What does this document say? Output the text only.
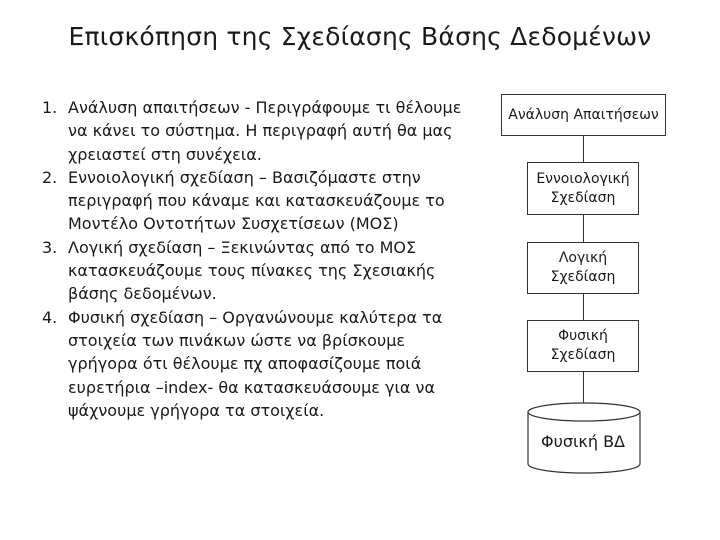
Επισκόπηση της Σχεδίασης Βάσης Δεδομένων
1. Ανάλυση απαιτήσεων - Περιγράφουμε τι θέλουμε να κάνει το σύστημα. Η περιγραφή αυτή θα μας χρειαστεί στη συνέχεια.
2. Εννοιολογική σχεδίαση – Βασιζόμαστε στην περιγραφή που κάναμε και κατασκευάζουμε το Μοντέλο Οντοτήτων Συσχετίσεων (ΜΟΣ)
3. Λογική σχεδίαση – Ξεκινώντας από το ΜΟΣ κατασκευάζουμε τους πίνακες της Σχεσιακής βάσης δεδομένων.
4. Φυσική σχεδίαση – Οργανώνουμε καλύτερα τα στοιχεία των πινάκων ώστε να βρίσκουμε γρήγορα ότι θέλουμε πχ αποφασίζουμε ποιά ευρετήρια –index- θα κατασκευάσουμε για να ψάχνουμε γρήγορα τα στοιχεία.
Ανάλυση Απαιτήσεων
Εννοιολογική
Σχεδίαση
Λογική
Σχεδίαση
Φυσική
Σχεδίαση
Φυσική ΒΔ
